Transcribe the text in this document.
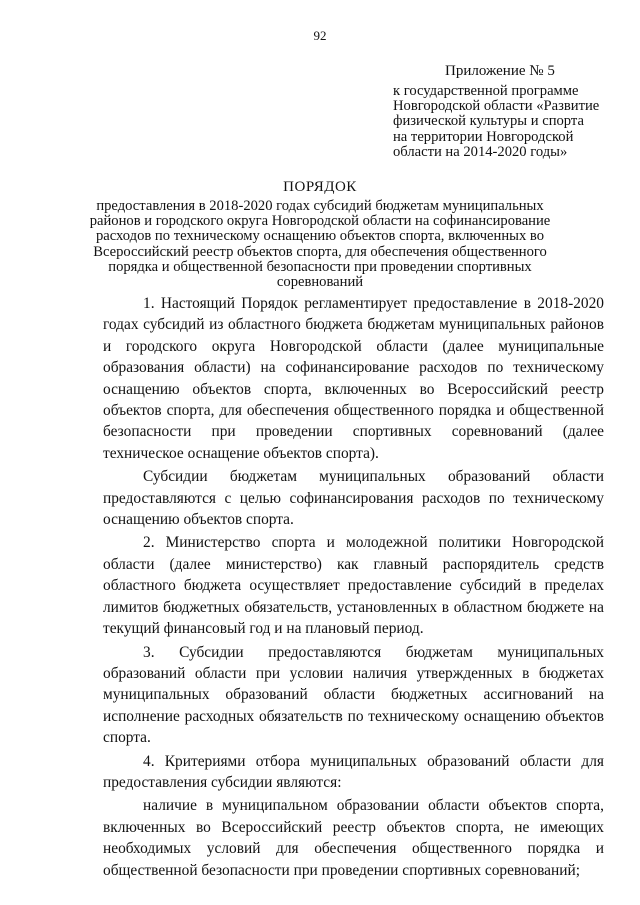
92
Приложение № 5
к государственной программе
Новгородской области «Развитие
физической культуры и спорта
на территории Новгородской
области на 2014-2020 годы»
ПОРЯДОК
предоставления в 2018-2020 годах субсидий бюджетам муниципальных
районов и городского округа Новгородской области на софинансирование
расходов по техническому оснащению объектов спорта, включенных во
Всероссийский реестр объектов спорта, для обеспечения общественного
порядка и общественной безопасности при проведении спортивных
соревнований

1. Настоящий Порядок регламентирует предоставление в 2018-2020 годах субсидий из областного бюджета бюджетам муниципальных районов и городского округа Новгородской области (далее муниципальные образования области) на софинансирование расходов по техническому оснащению объектов спорта, включенных во Всероссийский реестр объектов спорта, для обеспечения общественного порядка и общественной безопасности при проведении спортивных соревнований (далее техническое оснащение объектов спорта).

Субсидии бюджетам муниципальных образований области предоставляются с целью софинансирования расходов по техническому оснащению объектов спорта.

2. Министерство спорта и молодежной политики Новгородской области (далее министерство) как главный распорядитель средств областного бюджета осуществляет предоставление субсидий в пределах лимитов бюджетных обязательств, установленных в областном бюджете на текущий финансовый год и на плановый период.

3. Субсидии предоставляются бюджетам муниципальных образований области при условии наличия утвержденных в бюджетах муниципальных образований области бюджетных ассигнований на исполнение расходных обязательств по техническому оснащению объектов спорта.

4. Критериями отбора муниципальных образований области для предоставления субсидии являются:

наличие в муниципальном образовании области объектов спорта, включенных во Всероссийский реестр объектов спорта, не имеющих необходимых условий для обеспечения общественного порядка и общественной безопасности при проведении спортивных соревнований;
